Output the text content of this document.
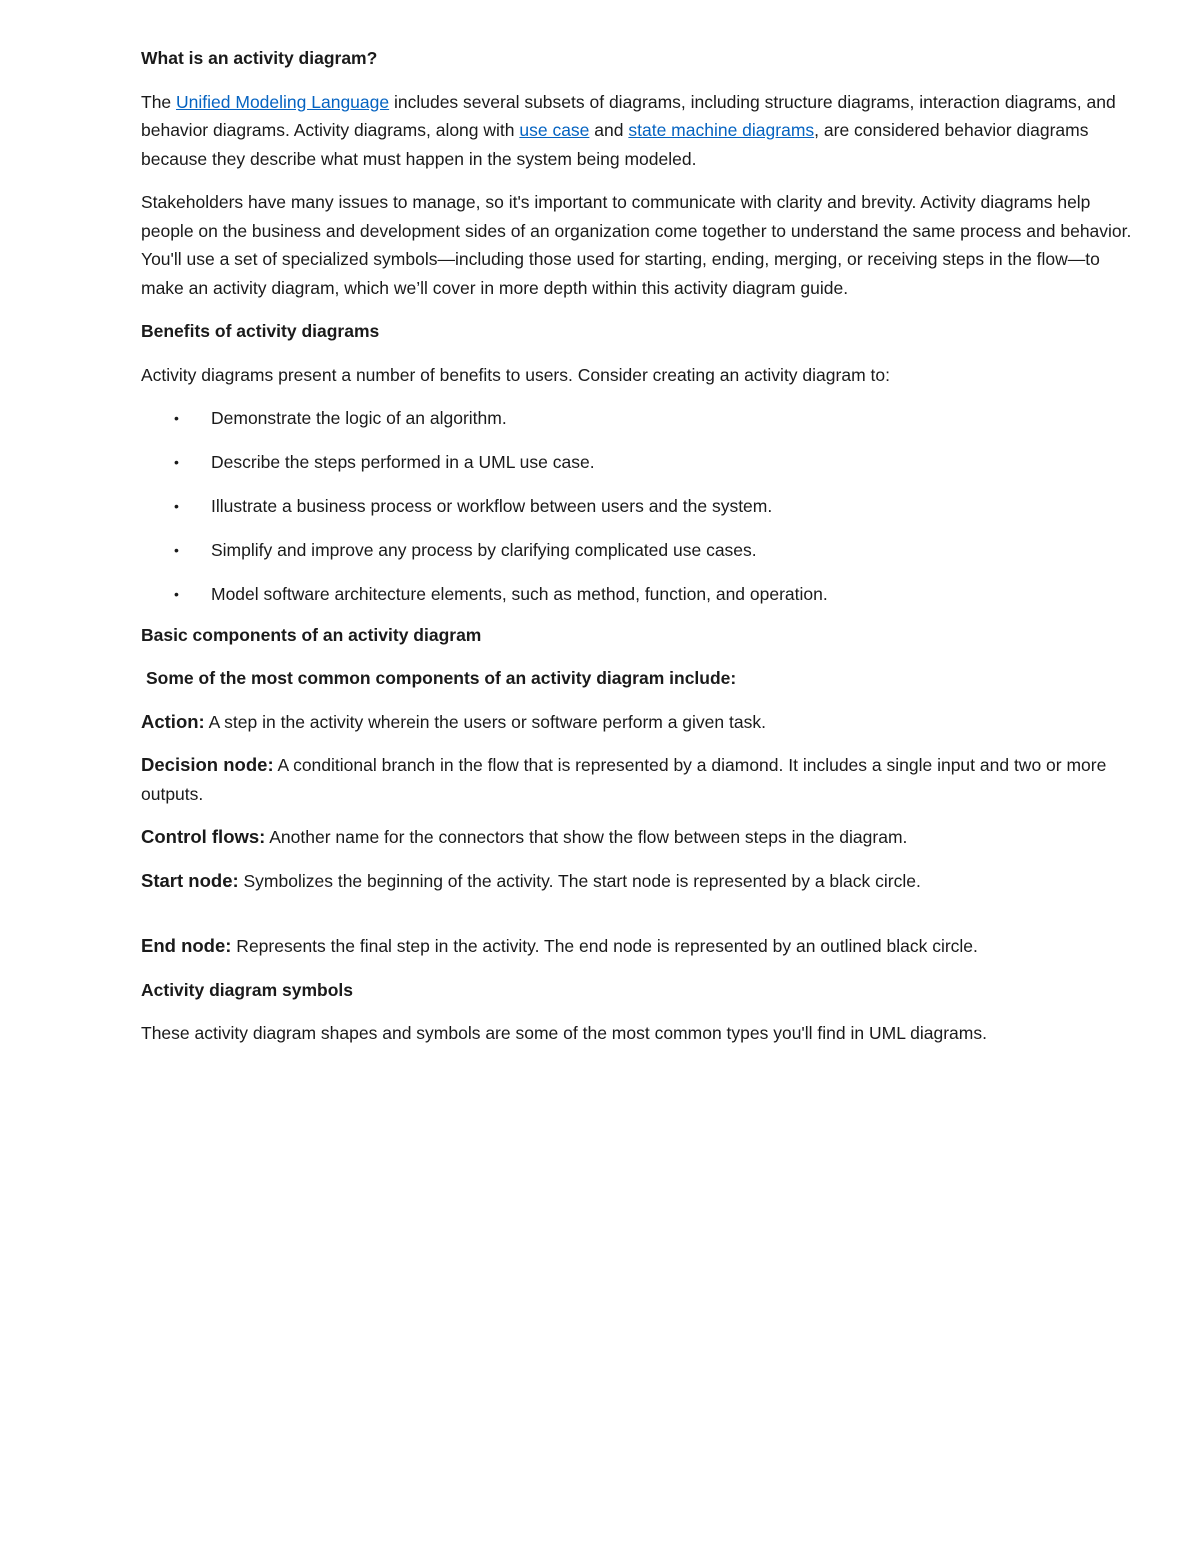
What is an activity diagram?

The Unified Modeling Language includes several subsets of diagrams, including structure diagrams, interaction diagrams, and behavior diagrams. Activity diagrams, along with use case and state machine diagrams, are considered behavior diagrams because they describe what must happen in the system being modeled.

Stakeholders have many issues to manage, so it's important to communicate with clarity and brevity. Activity diagrams help people on the business and development sides of an organization come together to understand the same process and behavior. You'll use a set of specialized symbols—including those used for starting, ending, merging, or receiving steps in the flow—to make an activity diagram, which we’ll cover in more depth within this activity diagram guide.

Benefits of activity diagrams

Activity diagrams present a number of benefits to users. Consider creating an activity diagram to:

• Demonstrate the logic of an algorithm.
• Describe the steps performed in a UML use case.
• Illustrate a business process or workflow between users and the system.
• Simplify and improve any process by clarifying complicated use cases.
• Model software architecture elements, such as method, function, and operation.
Basic components of an activity diagram
Some of the most common components of an activity diagram include:

Action: A step in the activity wherein the users or software perform a given task.

Decision node: A conditional branch in the flow that is represented by a diamond. It includes a single input and two or more outputs.

Control flows: Another name for the connectors that show the flow between steps in the diagram.

Start node: Symbolizes the beginning of the activity. The start node is represented by a black circle.

End node: Represents the final step in the activity. The end node is represented by an outlined black circle.

Activity diagram symbols

These activity diagram shapes and symbols are some of the most common types you'll find in UML diagrams.
